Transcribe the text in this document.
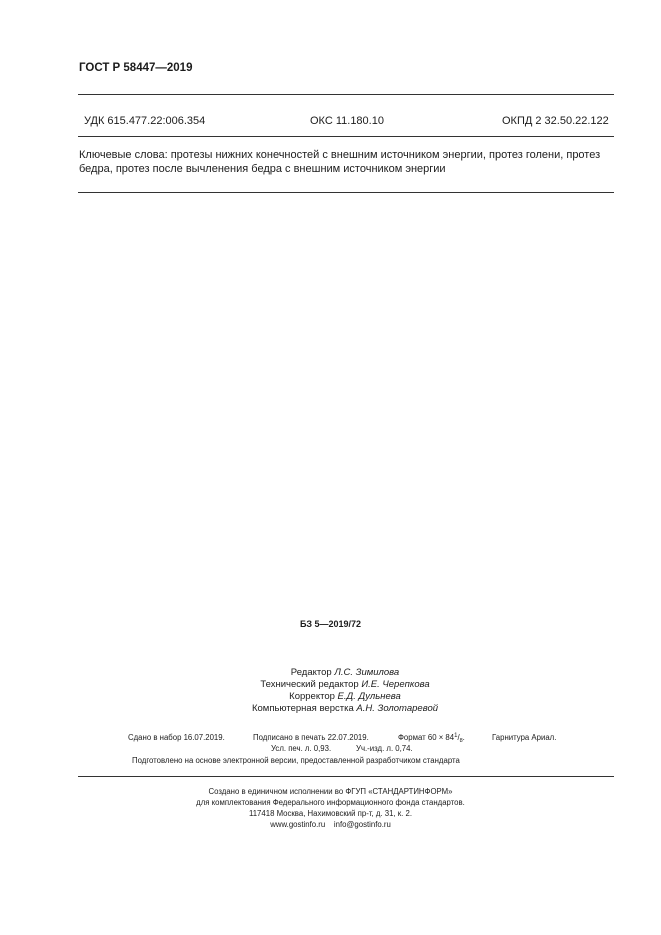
ГОСТ Р 58447—2019
УДК 615.477.22:006.354	ОКС 11.180.10	ОКПД 2 32.50.22.122
Ключевые слова: протезы нижних конечностей с внешним источником энергии, протез голени, протез
бедра, протез после вычленения бедра с внешним источником энергии
БЗ 5—2019/72
Редактор Л.С. Зимилова
Технический редактор И.Е. Черепкова
Корректор Е.Д. Дульнева
Компьютерная верстка А.Н. Золотаревой
Сдано в набор 16.07.2019.	Подписано в печать 22.07.2019.	Формат $60 \times 84^1/_8$.	Гарнитура Ариал.
Усл. печ. л. 0,93.	Уч.-изд. л. 0,74.
Подготовлено на основе электронной версии, предоставленной разработчиком стандарта
Создано в единичном исполнении во ФГУП «СТАНДАРТИНФОРМ»
для комплектования Федерального информационного фонда стандартов.
117418 Москва, Нахимовский пр-т, д. 31, к. 2.
www.gostinfo.ru info@gostinfo.ru
